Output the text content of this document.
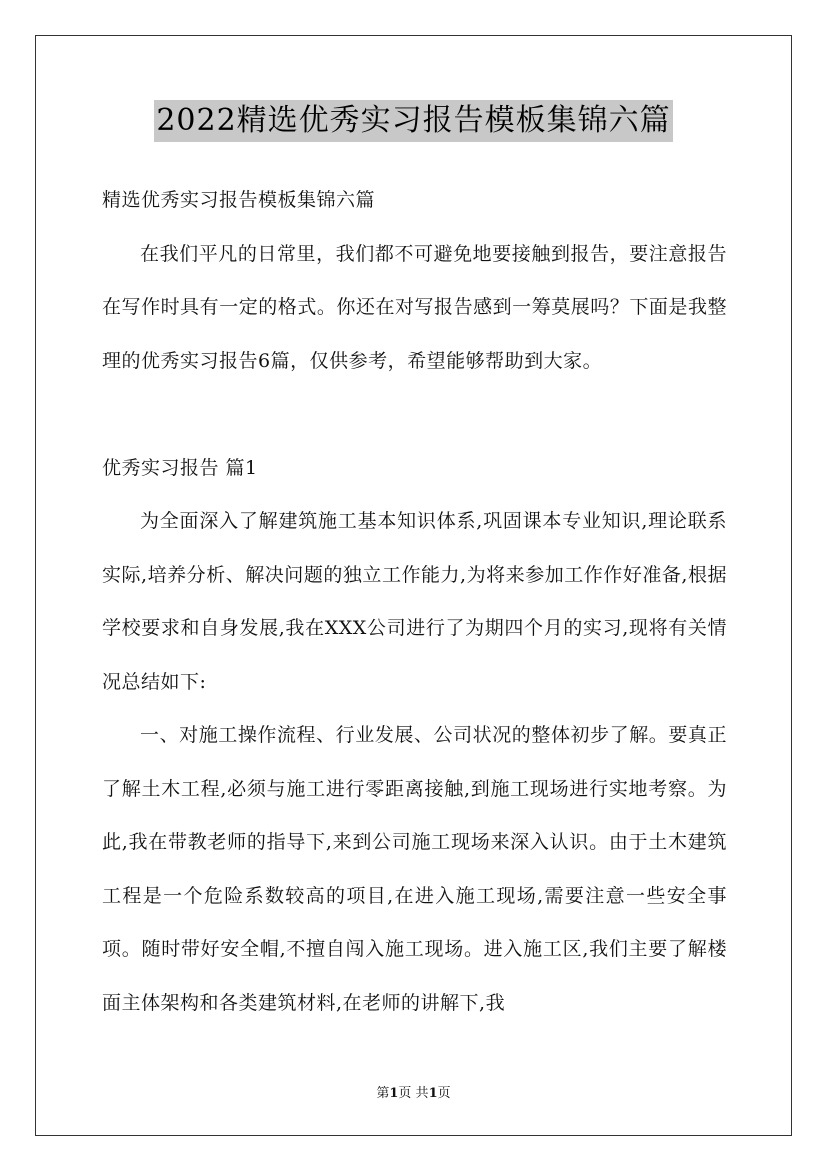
2022精选优秀实习报告模板集锦六篇

精选优秀实习报告模板集锦六篇

在我们平凡的日常里，我们都不可避免地要接触到报告，要注意报告在写作时具有一定的格式。你还在对写报告感到一筹莫展吗？下面是我整理的优秀实习报告6篇，仅供参考，希望能够帮助到大家。

优秀实习报告 篇1

为全面深入了解建筑施工基本知识体系,巩固课本专业知识,理论联系实际,培养分析、解决问题的独立工作能力,为将来参加工作作好准备,根据学校要求和自身发展,我在XXX公司进行了为期四个月的实习,现将有关情况总结如下:

一、对施工操作流程、行业发展、公司状况的整体初步了解。要真正了解土木工程,必须与施工进行零距离接触,到施工现场进行实地考察。为此,我在带教老师的指导下,来到公司施工现场来深入认识。由于土木建筑工程是一个危险系数较高的项目,在进入施工现场,需要注意一些安全事项。随时带好安全帽,不擅自闯入施工现场。进入施工区,我们主要了解楼面主体架构和各类建筑材料,在老师的讲解下,我

第1页 共1页
